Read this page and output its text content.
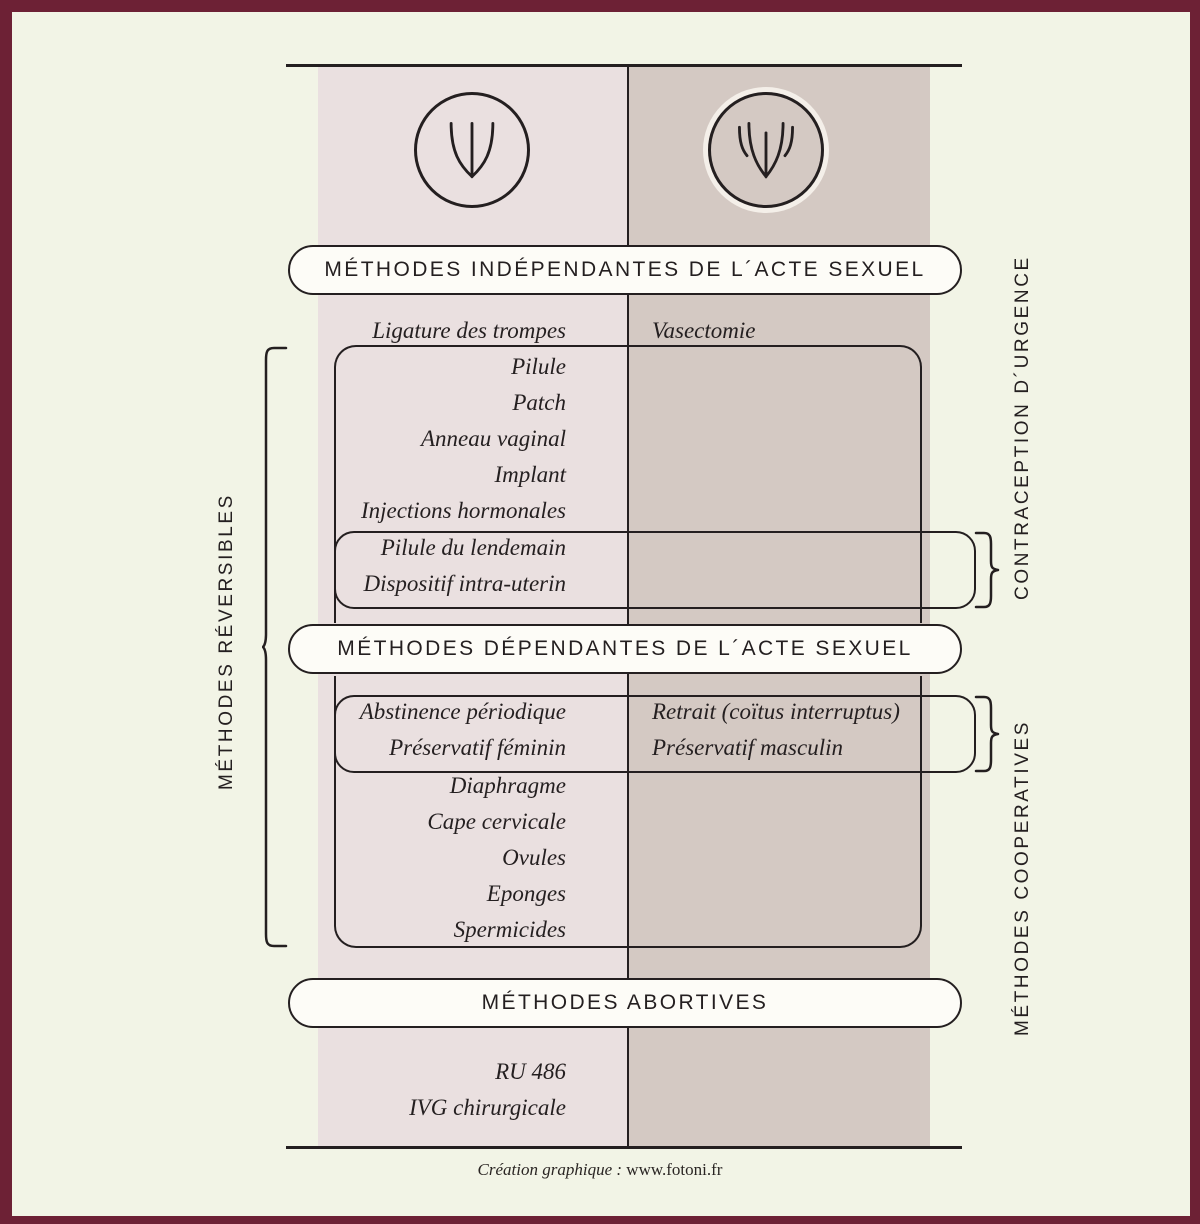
MÉTHODES INDÉPENDANTES DE L´ACTE SEXUEL
MÉTHODES DÉPENDANTES DE L´ACTE SEXUEL
MÉTHODES ABORTIVES
Ligature des trompes
Pilule
Patch
Anneau vaginal
Implant
Injections hormonales
Pilule du lendemain
Dispositif intra-uterin
Vasectomie
Abstinence périodique
Préservatif féminin
Diaphragme
Cape cervicale
Ovules
Eponges
Spermicides
Retrait (coïtus interruptus)
Préservatif masculin
RU 486
IVG chirurgicale
MÉTHODES RÉVERSIBLES
CONTRACEPTION D´URGENCE
MÉTHODES COOPERATIVES
Création graphique : www.fotoni.fr
